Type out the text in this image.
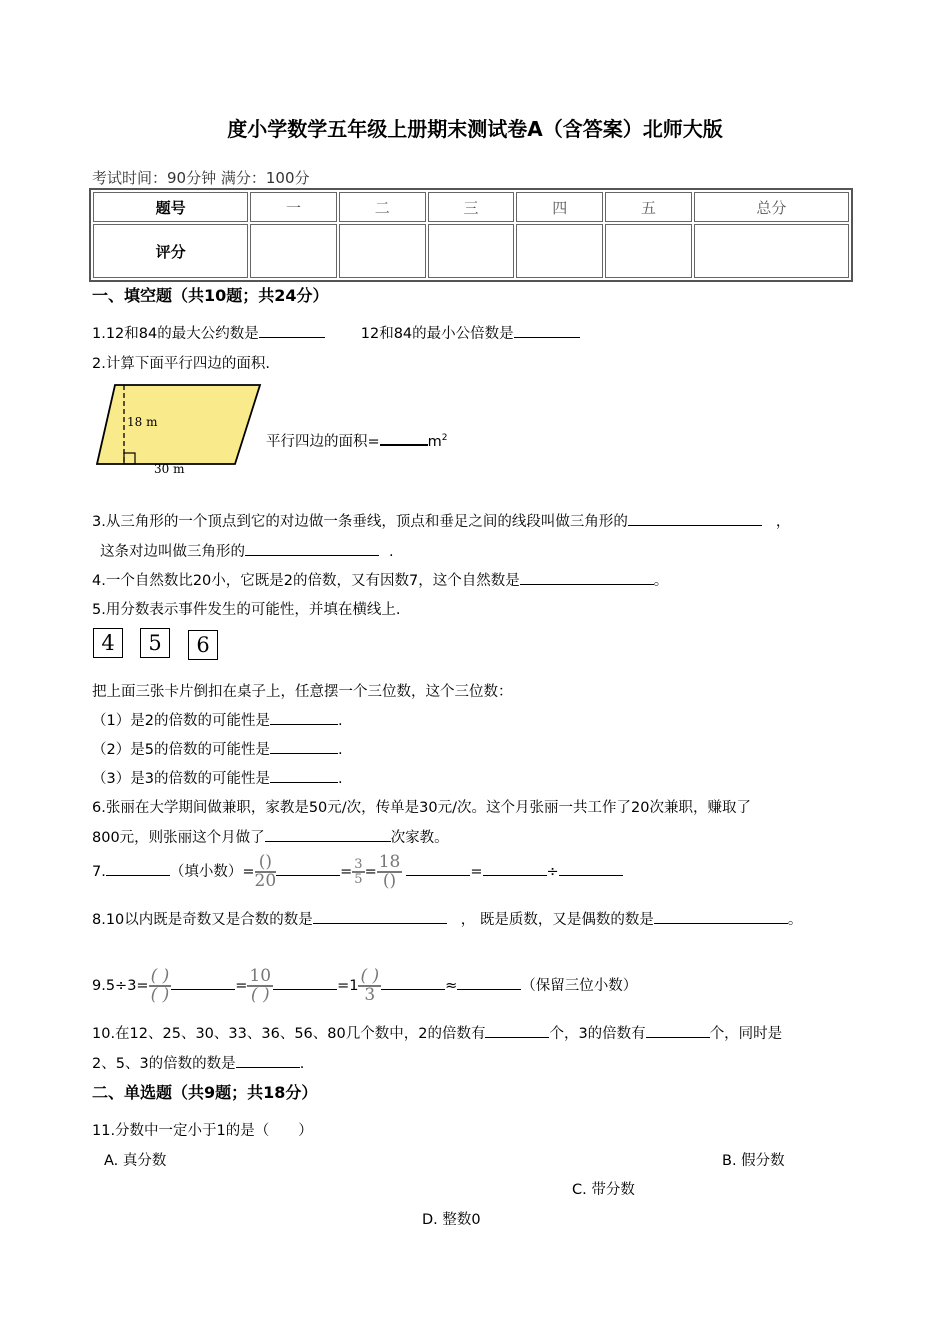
度小学数学五年级上册期末测试卷A（含答案）北师大版
考试时间：90分钟 满分：100分
题号	一	二	三	四	五	总分
评分						
一、填空题（共10题；共24分）
1.12和84的最大公约数是	12和84的最小公倍数是
2.计算下面平行四边的面积.
18 m
30 m
平行四边的面积=	$m^2$
3.从三角形的一个顶点到它的对边做一条垂线，顶点和垂足之间的线段叫做三角形的	，
这条对边叫做三角形的	.
4.一个自然数比20小，它既是2的倍数，又有因数7，这个自然数是	。
5.用分数表示事件发生的可能性，并填在横线上.
4	5	6
把上面三张卡片倒扣在桌子上，任意摆一个三位数，这个三位数：
（1）是2的倍数的可能性是	.
（2）是5的倍数的可能性是	.
（3）是3的倍数的可能性是	.
6.张丽在大学期间做兼职，家教是50元/次，传单是30元/次。这个月张丽一共工作了20次兼职，赚取了
800元，则张丽这个月做了	次家教。
7.	（填小数）= $\frac{()}{20}$	= $\frac{3}{5} = \frac{18}{()}$	=	÷
8.10以内既是奇数又是合数的数是	， 既是质数，又是偶数的数是	。
$9.5\div 3= \frac{( )}{( )}$	= $\frac{10}{( )}$	$=1 \frac{( )}{3}$	≈	（保留三位小数）
10.在12、25、30、33、36、56、80几个数中，2的倍数有	个，3的倍数有	个，同时是
2、5、3的倍数的数是	.
二、单选题（共9题；共18分）
11.分数中一定小于1的是（　　）
A. 真分数	B. 假分数
C. 带分数
D. 整数0
